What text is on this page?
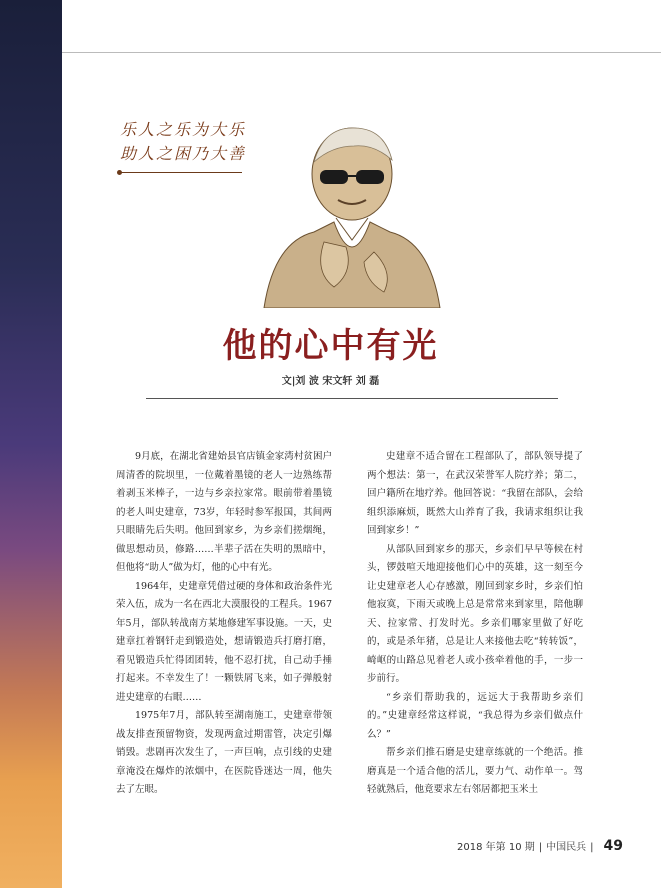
乐人之乐为大乐
助人之困乃大善
他的心中有光
文|刘 波 宋文轩 刘 磊

9月底，在湖北省建始县官店镇金家湾村贫困户周清香的院坝里，一位戴着墨镜的老人一边熟练帮着剥玉米棒子，一边与乡亲拉家常。眼前带着墨镜的老人叫史建章，73岁，年轻时参军报国，其间两只眼睛先后失明。他回到家乡，为乡亲们搓烟绳，做思想动员，修路……半辈子活在失明的黑暗中，但他将“助人”做为灯，他的心中有光。

1964年，史建章凭借过硬的身体和政治条件光荣入伍，成为一名在西北大漠服役的工程兵。1967年5月，部队转战南方某地修建军事设施。一天，史建章扛着钢钎走到锻造处，想请锻造兵打磨打磨，看见锻造兵忙得团团转，他不忍打扰，自己动手捶打起来。不幸发生了！一颗铁屑飞来，如子弹般射进史建章的右眼……

1975年7月，部队转至湖南施工，史建章带领战友排查预留物资，发现两盒过期雷管，决定引爆销毁。悲剧再次发生了，一声巨响，点引线的史建章淹没在爆炸的浓烟中，在医院昏迷达一周，他失去了左眼。

史建章不适合留在工程部队了，部队领导提了两个想法：第一，在武汉荣誉军人院疗养；第二，回户籍所在地疗养。他回答说：“我留在部队，会给组织添麻烦，既然大山养育了我，我请求组织让我回到家乡！”

从部队回到家乡的那天，乡亲们早早等候在村头，锣鼓喧天地迎接他们心中的英雄，这一刻至今让史建章老人心存感激，刚回到家乡时，乡亲们怕他寂寞，下雨天或晚上总是常常来到家里，陪他聊天、拉家常、打发时光。乡亲们哪家里做了好吃的，或是杀年猪，总是让人来接他去吃“转转饭”，崎岖的山路总见着老人或小孩牵着他的手，一步一步前行。

“乡亲们帮助我的，远远大于我帮助乡亲们的。”史建章经常这样说，“我总得为乡亲们做点什么？”

帮乡亲们推石磨是史建章练就的一个绝活。推磨真是一个适合他的活儿，要力气、动作单一。驾轻就熟后，他竟要求左右邻居都把玉米土

2018 年第 10 期 | 中国民兵 | 49
